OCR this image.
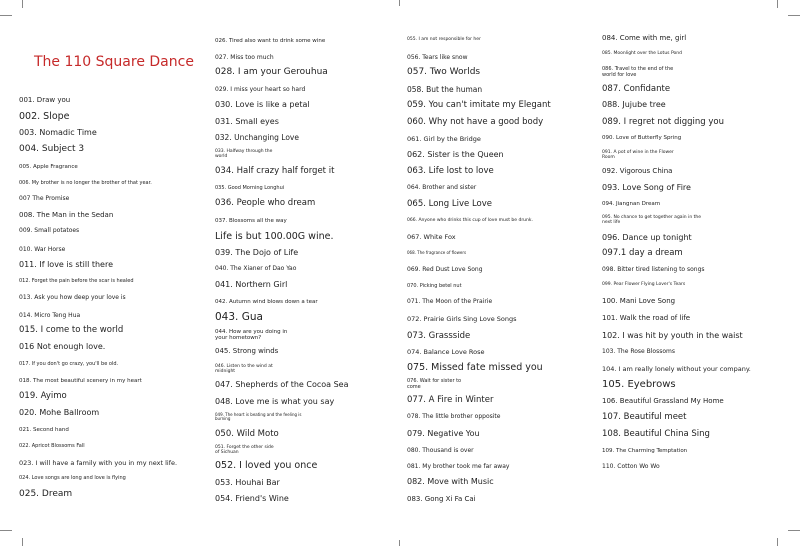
The 110 Square Dance
001. Draw you
002. Slope
003. Nomadic Time
004. Subject 3
005. Apple Fragrance
006. My brother is no longer the brother of that year.
007 The Promise
008. The Man in the Sedan
009. Small potatoes
010. War Horse
011. If love is still there
012. Forget the pain before the scar is healed
013. Ask you how deep your love is
014. Micro Teng Hua
015. I come to the world
016 Not enough love.
017. If you don't go crazy, you'll be old.
018. The most beautiful scenery in my heart
019. Ayimo
020. Mohe Ballroom
021. Second hand
022. Apricot Blossoms Fall
023. I will have a family with you in my next life.
024. Love songs are long and love is flying
025. Dream
026. Tired also want to drink some wine
027. Miss too much
028. I am your Gerouhua
029. I miss your heart so hard
030. Love is like a petal
031. Small eyes
032. Unchanging Love
033. Halfway through the world
034. Half crazy half forget it
035. Good Morning Longhui
036. People who dream
037. Blossoms all the way
Life is but 100.00G wine.
039. The Dojo of Life
040. The Xianer of Dao Yao
041. Northern Girl
042. Autumn wind blows down a tear
043. Gua
044. How are you doing in your hometown?
045. Strong winds
046. Listen to the wind at midnight
047. Shepherds of the Cocoa Sea
048. Love me is what you say
049. The heart is beating and the feeling is burning
050. Wild Moto
051. Forget the other side of Sichuan
052. I loved you once
053. Houhai Bar
054. Friend's Wine
055. I am not responsible for her
056. Tears like snow
057. Two Worlds
058. But the human
059. You can't imitate my Elegant
060. Why not have a good body
061. Girl by the Bridge
062. Sister is the Queen
063. Life lost to love
064. Brother and sister
065. Long Live Love
066. Anyone who drinks this cup of love must be drunk.
067. White Fox
068. The fragrance of flowers
069. Red Dust Love Song
070. Picking betel nut
071. The Moon of the Prairie
072. Prairie Girls Sing Love Songs
073. Grassside
074. Balance Love Rose
075. Missed fate missed you
076. Wait for sister to come
077. A Fire in Winter
078. The little brother opposite
079. Negative You
080. Thousand is over
081. My brother took me far away
082. Move with Music
083. Gong Xi Fa Cai
084. Come with me, girl
085. Moonlight over the Lotus Pond
086. Travel to the end of the world for love
087. Confidante
088. Jujube tree
089. I regret not digging you
090. Love of Butterfly Spring
091. A pot of wine in the Flower Room
092. Vigorous China
093. Love Song of Fire
094. Jiangnan Dream
095. No chance to get together again in the next life
096. Dance up tonight
097.1 day a dream
098. Bitter tired listening to songs
099. Pear Flower Flying Lover's Tears
100. Mani Love Song
101. Walk the road of life
102. I was hit by youth in the waist
103. The Rose Blossoms
104. I am really lonely without your company.
105. Eyebrows
106. Beautiful Grassland My Home
107. Beautiful meet
108. Beautiful China Sing
109. The Charming Temptation
110. Cotton Wo Wo
